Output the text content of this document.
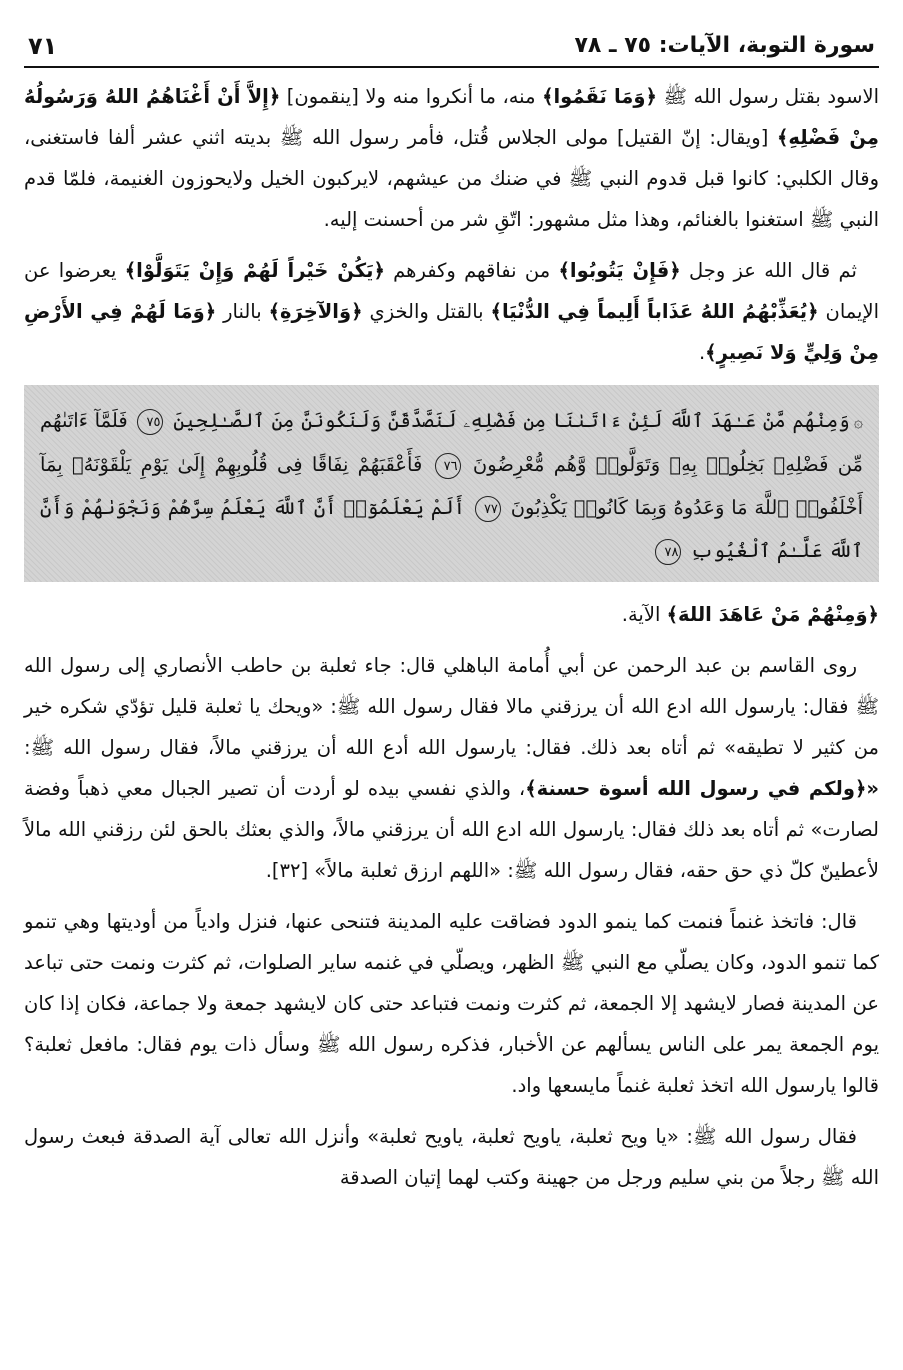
سورة التوبة، الآيات: ٧٥ ـ ٧٨
٧١

الاسود بقتل رسول الله ﷺ ﴿وَمَا نَقَمُوا﴾ منه، ما أنكروا منه ولا [ينقمون] ﴿إِلاَّ أَنْ أَغْنَاهُمُ اللهُ وَرَسُولُهُ مِنْ فَضْلِهِ﴾ [ويقال: إنّ القتيل] مولى الجلاس قُتل، فأمر رسول الله ﷺ بديته اثني عشر ألفا فاستغنى، وقال الكلبي: كانوا قبل قدوم النبي ﷺ في ضنك من عيشهم، لايركبون الخيل ولايحوزون الغنيمة، فلمّا قدم النبي ﷺ استغنوا بالغنائم، وهذا مثل مشهور: اتّقِ شر من أحسنت إليه.

ثم قال الله عز وجل ﴿فَإِنْ يَتُوبُوا﴾ من نفاقهم وكفرهم ﴿يَكُنْ خَيْراً لَهُمْ وَإِنْ يَتَوَلَّوْا﴾ يعرضوا عن الإيمان ﴿يُعَذِّبْهُمُ اللهُ عَذَاباً أَلِيماً فِي الدُّنْيَا﴾ بالقتل والخزي ﴿وَالآخِرَةِ﴾ بالنار ﴿وَمَا لَهُمْ فِي الأَرْضِ مِنْ وَلِيٍّ وَلا نَصِيرٍ﴾.

۞وَمِنْهُم مَّنْ عَـٰهَدَ ٱللَّهَ لَئِنْ ءَاتَىٰنَا مِن فَضْلِهِۦ لَنَصَّدَّقَنَّ وَلَنَكُونَنَّ مِنَ ٱلصَّـٰلِحِينَ ٧٥ فَلَمَّآ ءَاتَىٰهُم مِّن فَضْلِهِۦ بَخِلُوا۟ بِهِۦ وَتَوَلَّوا۟ وَّهُم مُّعْرِضُونَ ٧٦ فَأَعْقَبَهُمْ نِفَاقًا فِى قُلُوبِهِمْ إِلَىٰ يَوْمِ يَلْقَوْنَهُۥ بِمَآ أَخْلَفُوا۟ ٱللَّهَ مَا وَعَدُوهُ وَبِمَا كَانُوا۟ يَكْذِبُونَ ٧٧ أَلَمْ يَعْلَمُوٓا۟ أَنَّ ٱللَّهَ يَعْلَمُ سِرَّهُمْ وَنَجْوَىٰهُمْ وَأَنَّ ٱللَّهَ عَلَّـٰمُ ٱلْغُيُوبِ ٧٨

﴿وَمِنْهُمْ مَنْ عَاهَدَ اللهَ﴾ الآية.

روى القاسم بن عبد الرحمن عن أبي أُمامة الباهلي قال: جاء ثعلبة بن حاطب الأنصاري إلى رسول الله ﷺ فقال: يارسول الله ادع الله أن يرزقني مالا فقال رسول الله ﷺ: «ويحك يا ثعلبة قليل تؤدّي شكره خير من كثير لا تطيقه» ثم أتاه بعد ذلك. فقال: يارسول الله أدع الله أن يرزقني مالاً، فقال رسول الله ﷺ: «﴿ولكم في رسول الله أسوة حسنة﴾، والذي نفسي بيده لو أردت أن تصير الجبال معي ذهباً وفضة لصارت» ثم أتاه بعد ذلك فقال: يارسول الله ادع الله أن يرزقني مالاً، والذي بعثك بالحق لئن رزقني الله مالاً لأعطينّ كلّ ذي حق حقه، فقال رسول الله ﷺ: «اللهم ارزق ثعلبة مالاً» [٣٢].

قال: فاتخذ غنماً فنمت كما ينمو الدود فضاقت عليه المدينة فتنحى عنها، فنزل وادياً من أوديتها وهي تنمو كما تنمو الدود، وكان يصلّي مع النبي ﷺ الظهر، ويصلّي في غنمه ساير الصلوات، ثم كثرت ونمت حتى تباعد عن المدينة فصار لايشهد إلا الجمعة، ثم كثرت ونمت فتباعد حتى كان لايشهد جمعة ولا جماعة، فكان إذا كان يوم الجمعة يمر على الناس يسألهم عن الأخبار، فذكره رسول الله ﷺ وسأل ذات يوم فقال: مافعل ثعلبة؟ قالوا يارسول الله اتخذ ثعلبة غنماً مايسعها واد.

فقال رسول الله ﷺ: «يا ويح ثعلبة، ياويح ثعلبة، ياويح ثعلبة» وأنزل الله تعالى آية الصدقة فبعث رسول الله ﷺ رجلاً من بني سليم ورجل من جهينة وكتب لهما إتيان الصدقة
